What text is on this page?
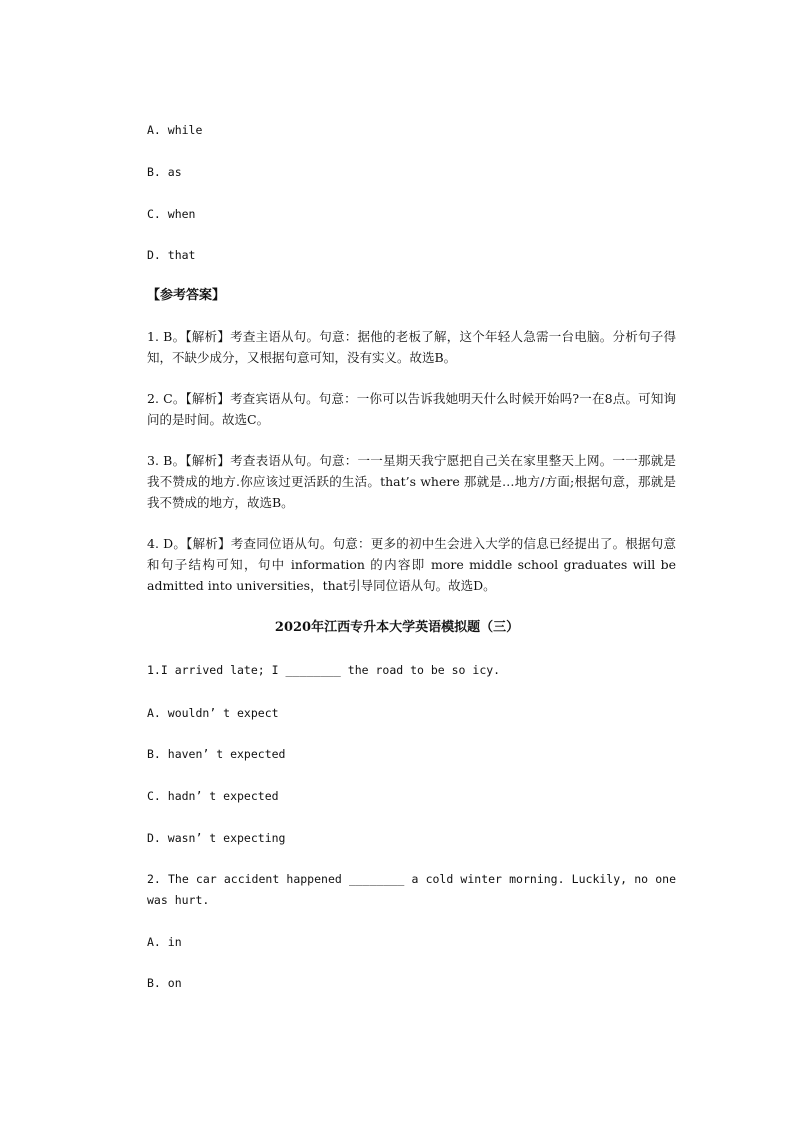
A. while
B. as
C. when
D. that
【参考答案】
1. B。【解析】考查主语从句。句意：据他的老板了解，这个年轻人急需一台电脑。分析句子得知，不缺少成分，又根据句意可知，没有实义。故选B。
2. C。【解析】考查宾语从句。句意：一你可以告诉我她明天什么时候开始吗?一在8点。可知询问的是时间。故选C。
3. B。【解析】考查表语从句。句意：一一星期天我宁愿把自己关在家里整天上网。一一那就是我不赞成的地方.你应该过更活跃的生活。that’s where 那就是…地方/方面;根据句意，那就是我不赞成的地方，故选B。
4. D。【解析】考查同位语从句。句意：更多的初中生会进入大学的信息已经提出了。根据句意和句子结构可知，句中 information 的内容即 more middle school graduates will be admitted into universities，that引导同位语从句。故选D。
2020年江西专升本大学英语模拟题（三）
1.I arrived late; I ________ the road to be so icy.
A. wouldn’ t expect
B. haven’ t expected
C. hadn’ t expected
D. wasn’ t expecting
2. The car accident happened ________ a cold winter morning. Luckily, no one was hurt.
A. in
B. on
